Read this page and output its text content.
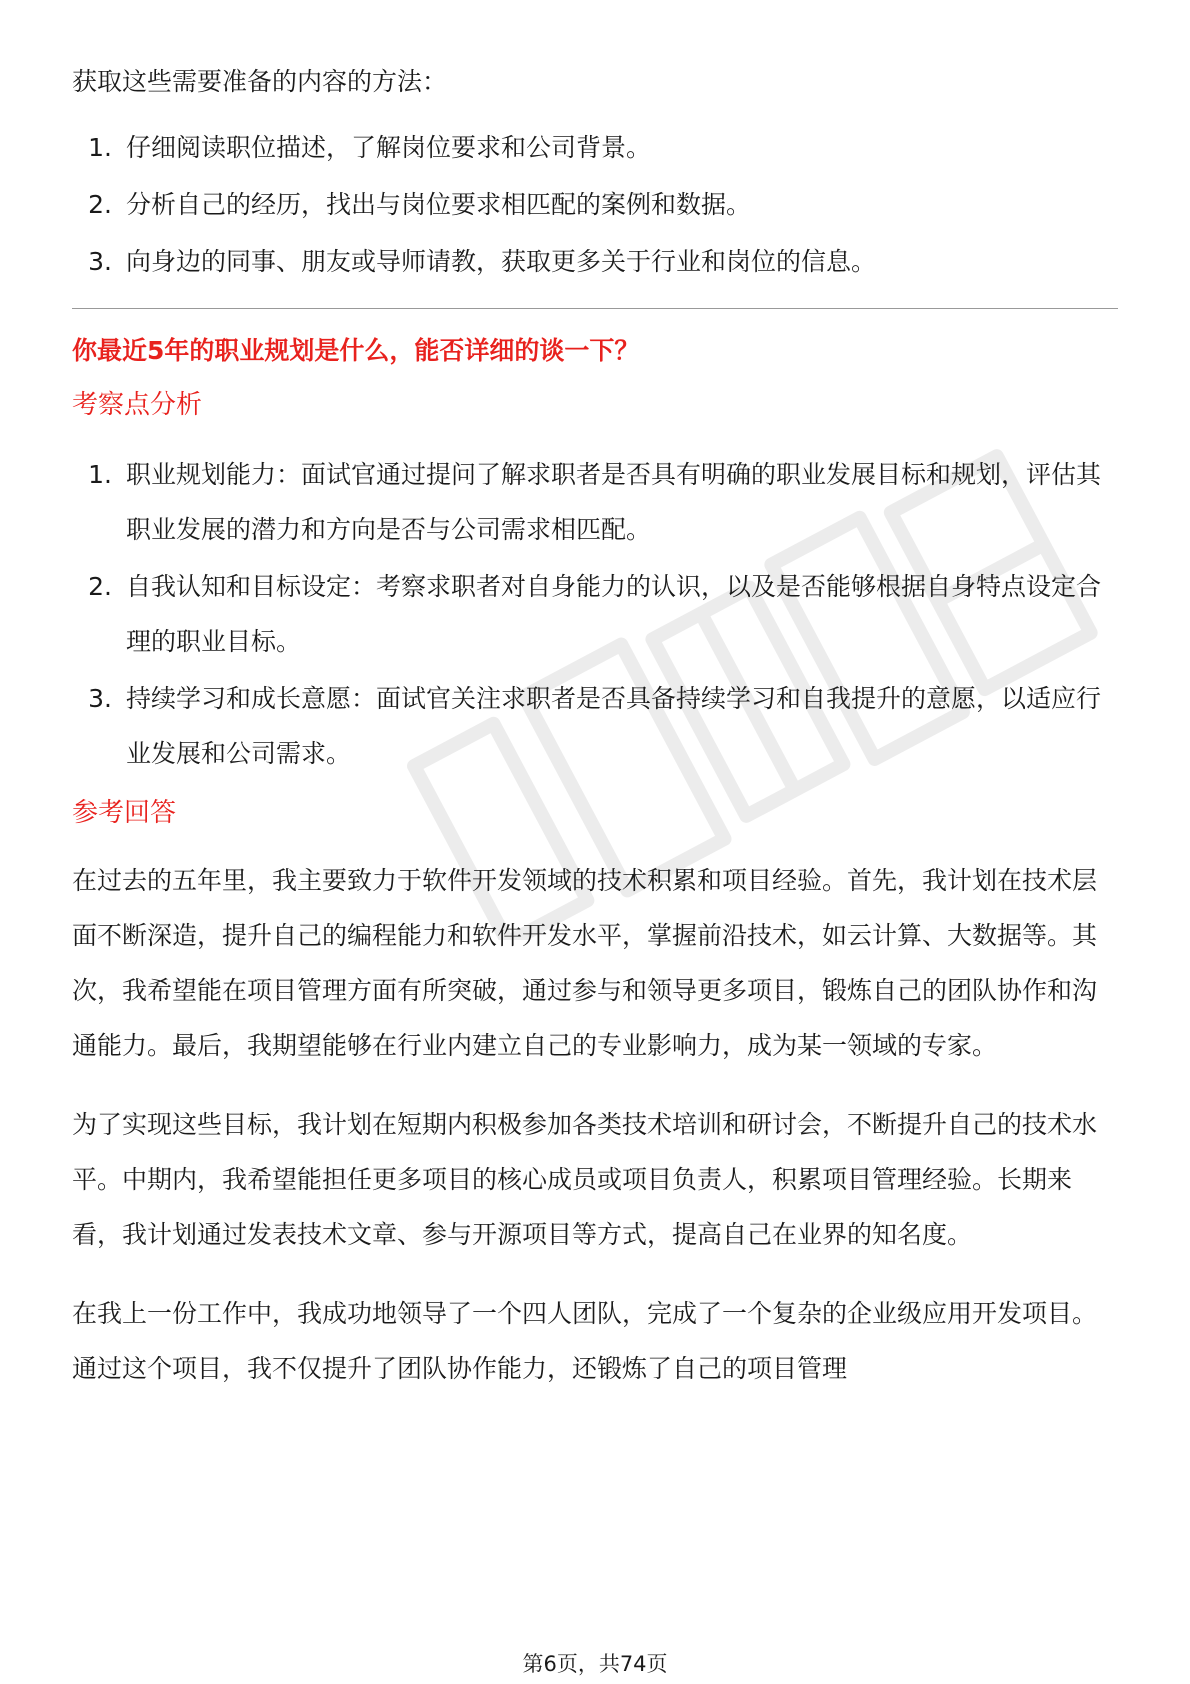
获取这些需要准备的内容的方法：

1. 仔细阅读职位描述，了解岗位要求和公司背景。
2. 分析自己的经历，找出与岗位要求相匹配的案例和数据。
3. 向身边的同事、朋友或导师请教，获取更多关于行业和岗位的信息。

你最近5年的职业规划是什么，能否详细的谈一下？

考察点分析

1. 职业规划能力：面试官通过提问了解求职者是否具有明确的职业发展目标和规划，评估其职业发展的潜力和方向是否与公司需求相匹配。
2. 自我认知和目标设定：考察求职者对自身能力的认识，以及是否能够根据自身特点设定合理的职业目标。
3. 持续学习和成长意愿：面试官关注求职者是否具备持续学习和自我提升的意愿，以适应行业发展和公司需求。

参考回答

在过去的五年里，我主要致力于软件开发领域的技术积累和项目经验。首先，我计划在技术层面不断深造，提升自己的编程能力和软件开发水平，掌握前沿技术，如云计算、大数据等。其次，我希望能在项目管理方面有所突破，通过参与和领导更多项目，锻炼自己的团队协作和沟通能力。最后，我期望能够在行业内建立自己的专业影响力，成为某一领域的专家。

为了实现这些目标，我计划在短期内积极参加各类技术培训和研讨会，不断提升自己的技术水平。中期内，我希望能担任更多项目的核心成员或项目负责人，积累项目管理经验。长期来看，我计划通过发表技术文章、参与开源项目等方式，提高自己在业界的知名度。

在我上一份工作中，我成功地领导了一个四人团队，完成了一个复杂的企业级应用开发项目。通过这个项目，我不仅提升了团队协作能力，还锻炼了自己的项目管理

第6页，共74页
